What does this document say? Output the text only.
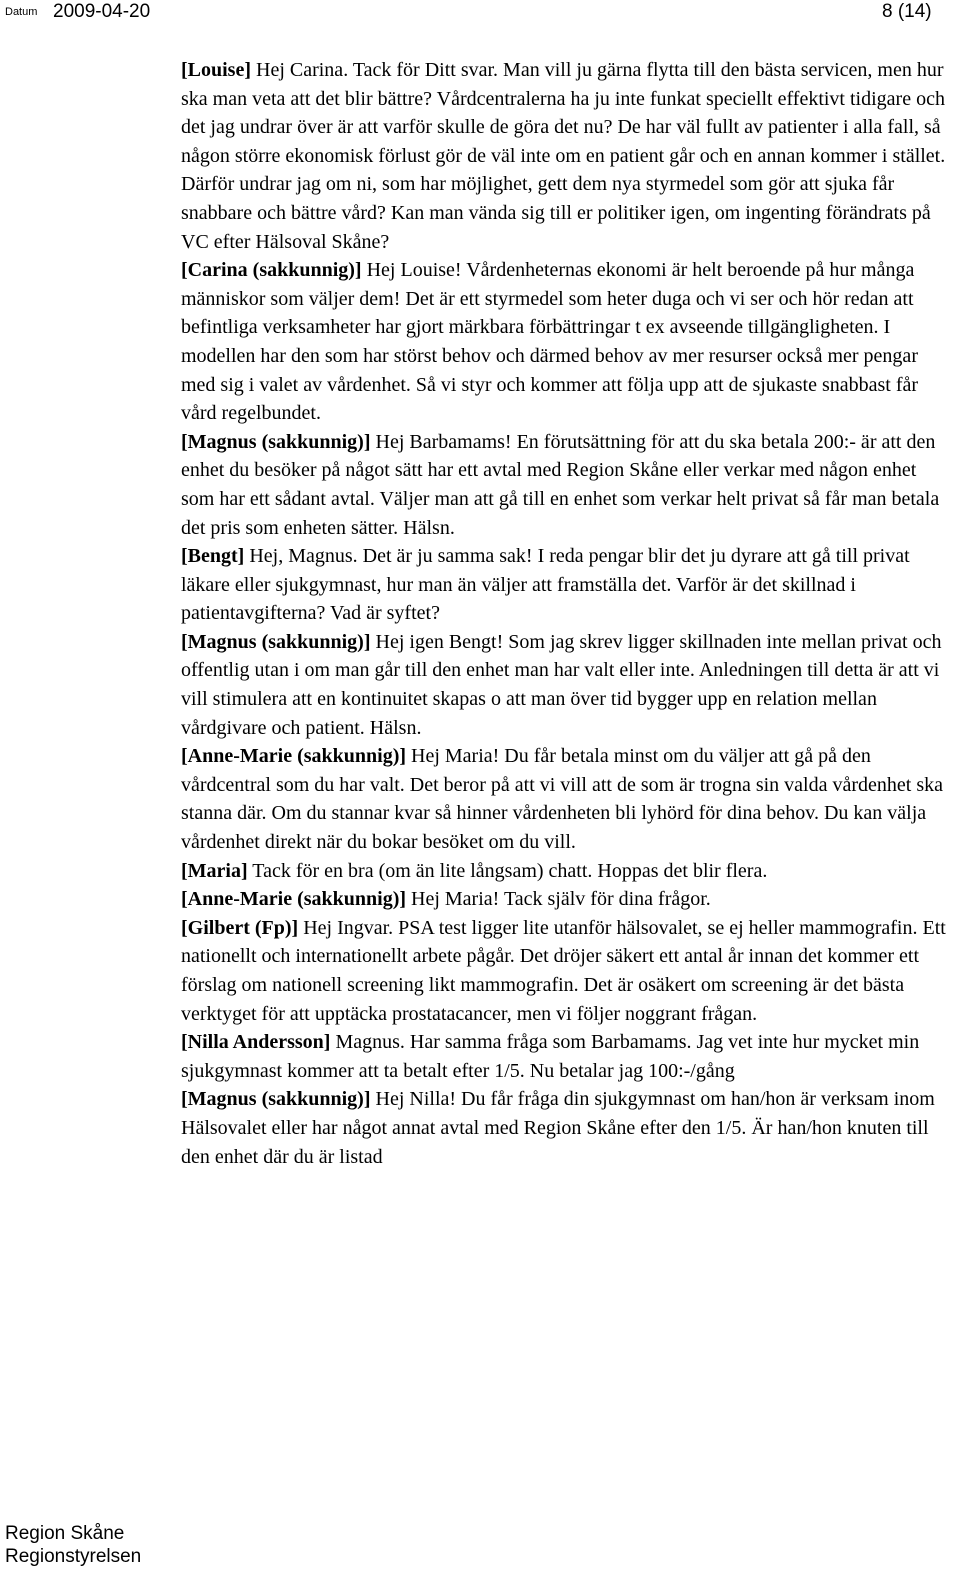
Datum 2009-04-20	8 (14)

[Louise] Hej Carina. Tack för Ditt svar. Man vill ju gärna flytta till den bästa servicen, men hur ska man veta att det blir bättre? Vårdcentralerna ha ju inte funkat speciellt effektivt tidigare och det jag undrar över är att varför skulle de göra det nu? De har väl fullt av patienter i alla fall, så någon större ekonomisk förlust gör de väl inte om en patient går och en annan kommer i stället. Därför undrar jag om ni, som har möjlighet, gett dem nya styrmedel som gör att sjuka får snabbare och bättre vård? Kan man vända sig till er politiker igen, om ingenting förändrats på VC efter Hälsoval Skåne?

[Carina (sakkunnig)] Hej Louise! Vårdenheternas ekonomi är helt beroende på hur många människor som väljer dem! Det är ett styrmedel som heter duga och vi ser och hör redan att befintliga verksamheter har gjort märkbara förbättringar t ex avseende tillgängligheten. I modellen har den som har störst behov och därmed behov av mer resurser också mer pengar med sig i valet av vårdenhet. Så vi styr och kommer att följa upp att de sjukaste snabbast får vård regelbundet.

[Magnus (sakkunnig)] Hej Barbamams! En förutsättning för att du ska betala 200:- är att den enhet du besöker på något sätt har ett avtal med Region Skåne eller verkar med någon enhet som har ett sådant avtal. Väljer man att gå till en enhet som verkar helt privat så får man betala det pris som enheten sätter. Hälsn.

[Bengt] Hej, Magnus. Det är ju samma sak! I reda pengar blir det ju dyrare att gå till privat läkare eller sjukgymnast, hur man än väljer att framställa det. Varför är det skillnad i patientavgifterna? Vad är syftet?

[Magnus (sakkunnig)] Hej igen Bengt! Som jag skrev ligger skillnaden inte mellan privat och offentlig utan i om man går till den enhet man har valt eller inte. Anledningen till detta är att vi vill stimulera att en kontinuitet skapas o att man över tid bygger upp en relation mellan vårdgivare och patient. Hälsn.

[Anne-Marie (sakkunnig)] Hej Maria! Du får betala minst om du väljer att gå på den vårdcentral som du har valt. Det beror på att vi vill att de som är trogna sin valda vårdenhet ska stanna där. Om du stannar kvar så hinner vårdenheten bli lyhörd för dina behov. Du kan välja vårdenhet direkt när du bokar besöket om du vill.

[Maria] Tack för en bra (om än lite långsam) chatt. Hoppas det blir flera.

[Anne-Marie (sakkunnig)] Hej Maria! Tack själv för dina frågor.

[Gilbert (Fp)] Hej Ingvar. PSA test ligger lite utanför hälsovalet, se ej heller mammografin. Ett nationellt och internationellt arbete pågår. Det dröjer säkert ett antal år innan det kommer ett förslag om nationell screening likt mammografin. Det är osäkert om screening är det bästa verktyget för att upptäcka prostatacancer, men vi följer noggrant frågan.

[Nilla Andersson] Magnus. Har samma fråga som Barbamams. Jag vet inte hur mycket min sjukgymnast kommer att ta betalt efter 1/5. Nu betalar jag 100:-/gång

[Magnus (sakkunnig)] Hej Nilla! Du får fråga din sjukgymnast om han/hon är verksam inom Hälsovalet eller har något annat avtal med Region Skåne efter den 1/5. Är han/hon knuten till den enhet där du är listad

Region Skåne
Regionstyrelsen
